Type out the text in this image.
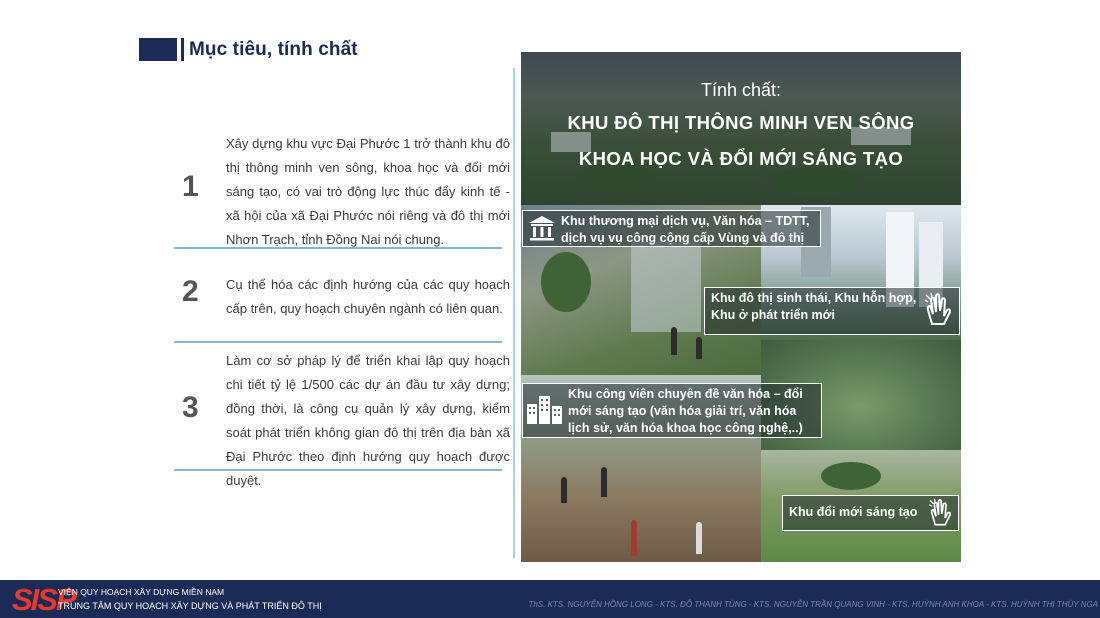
Mục tiêu, tính chất
1
Xây dựng khu vực Đại Phước 1 trở thành khu đô thị thông minh ven sông, khoa học và đổi mới sáng tạo, có vai trò động lực thúc đẩy kinh tế - xã hội của xã Đại Phước nói riêng và đô thị mới Nhơn Trạch, tỉnh Đồng Nai nói chung.
2 Cụ thể hóa các định hướng của các quy hoạch cấp trên, quy hoạch chuyên ngành có liên quan.
3
Làm cơ sở pháp lý để triển khai lập quy hoạch chi tiết tỷ lệ 1/500 các dự án đầu tư xây dựng; đồng thời, là công cụ quản lý xây dựng, kiểm soát phát triển không gian đô thị trên địa bàn xã Đại Phước theo định hướng quy hoạch được duyệt.
Tính chất:
KHU ĐÔ THỊ THÔNG MINH VEN SÔNG
KHOA HỌC VÀ ĐỔI MỚI SÁNG TẠO
Khu thương mại dịch vụ, Văn hóa – TDTT, dịch vụ vụ công cộng cấp Vùng và đô thị
Khu đô thị sinh thái, Khu hỗn hợp, Khu ở phát triển mới
Khu công viên chuyên đề văn hóa – đổi mới sáng tạo (văn hóa giải trí, văn hóa lịch sử, văn hóa khoa học công nghệ,..)
Khu đổi mới sáng tạo
SISP
VIỆN QUY HOẠCH XÂY DỰNG MIỀN NAM
TRUNG TÂM QUY HOẠCH XÂY DỰNG VÀ PHÁT TRIỂN ĐÔ THỊ	ThS. KTS. NGUYỄN HỒNG LONG - KTS. ĐỖ THANH TÙNG - KTS. NGUYỄN TRẦN QUANG VINH - KTS. HUỲNH ANH KHOA - KTS. HUỲNH THỊ THÙY NGA
